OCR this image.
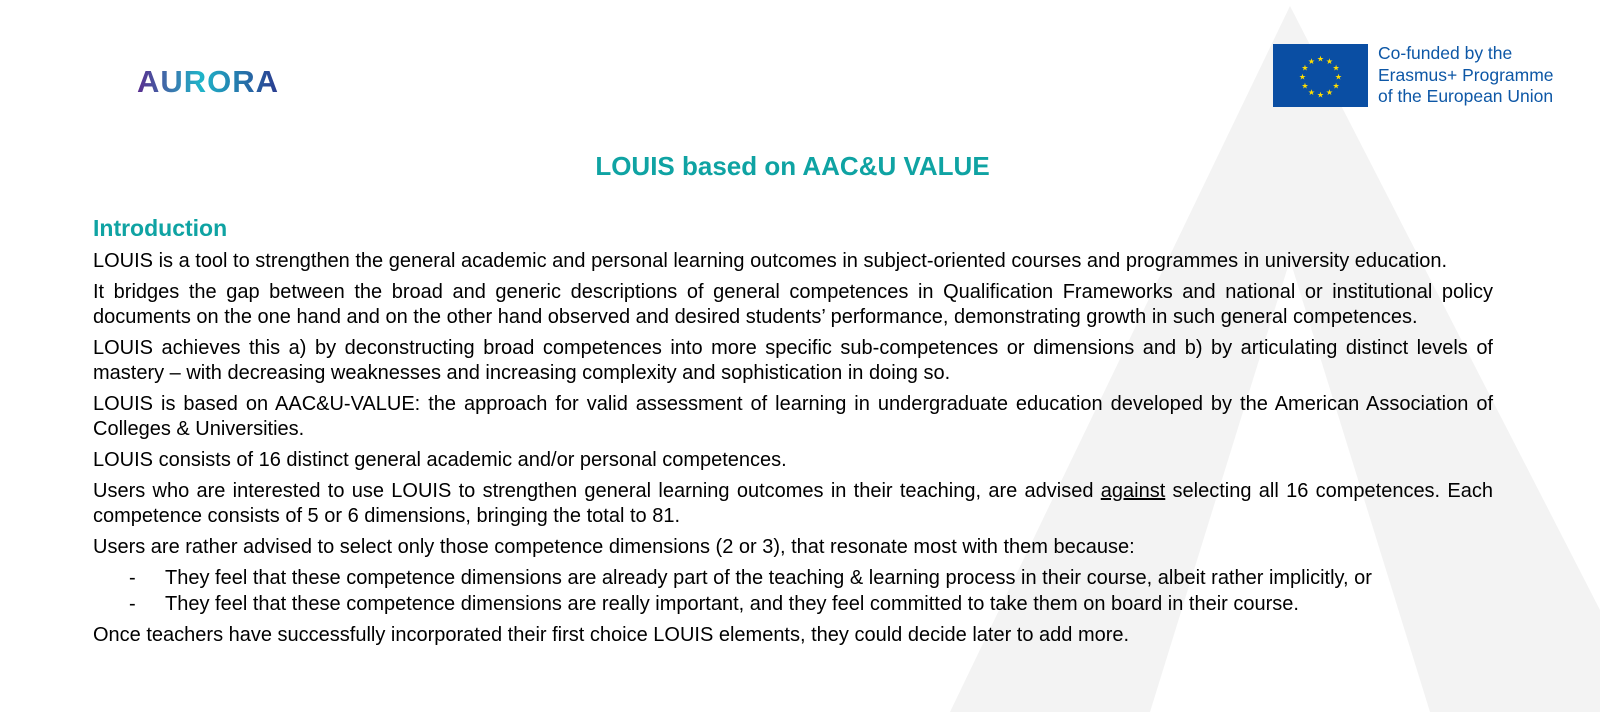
AURORA
★ ★
★
★
★
★
★
★
★
★
★
★	Co-funded by the
Erasmus+ Programme
of the European Union
LOUIS based on AAC&U VALUE
Introduction

LOUIS is a tool to strengthen the general academic and personal learning outcomes in subject-oriented courses and programmes in university education.

It bridges the gap between the broad and generic descriptions of general competences in Qualification Frameworks and national or institutional policy documents on the one hand and on the other hand observed and desired students’ performance, demonstrating growth in such general competences.

LOUIS achieves this a) by deconstructing broad competences into more specific sub-competences or dimensions and b) by articulating distinct levels of mastery – with decreasing weaknesses and increasing complexity and sophistication in doing so.

LOUIS is based on AAC&U-VALUE: the approach for valid assessment of learning in undergraduate education developed by the American Association of Colleges & Universities.

LOUIS consists of 16 distinct general academic and/or personal competences.

Users who are interested to use LOUIS to strengthen general learning outcomes in their teaching, are advised against selecting all 16 competences. Each competence consists of 5 or 6 dimensions, bringing the total to 81.

Users are rather advised to select only those competence dimensions (2 or 3), that resonate most with them because:

- They feel that these competence dimensions are already part of the teaching & learning process in their course, albeit rather implicitly, or
- They feel that these competence dimensions are really important, and they feel committed to take them on board in their course.

Once teachers have successfully incorporated their first choice LOUIS elements, they could decide later to add more.
